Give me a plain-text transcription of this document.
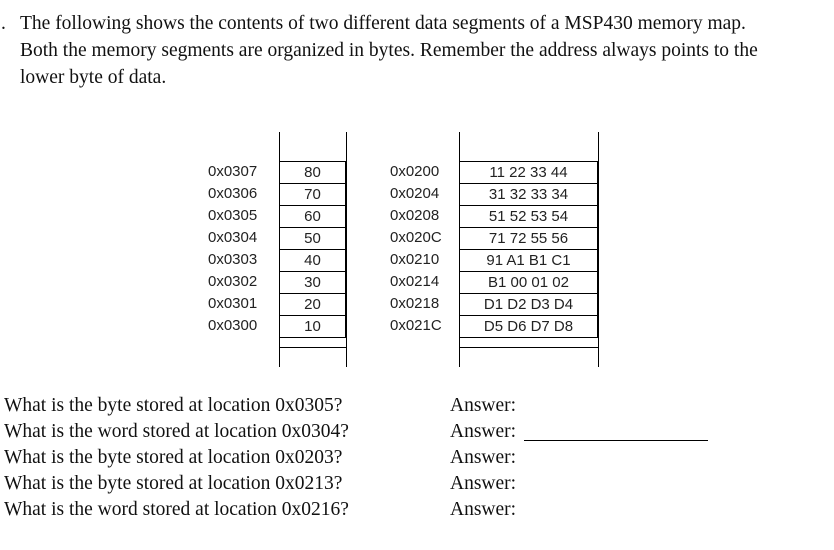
. The following shows the contents of two different data segments of a MSP430 memory map.
Both the memory segments are organized in bytes. Remember the address always points to the
lower byte of data.
0x0307	80
0x0306	70
0x0305	60
0x0304	50
0x0303	40
0x0302	30
0x0301	20
0x0300	10
0x0200	11 22 33 44
0x0204	31 32 33 34
0x0208	51 52 53 54
0x020C	71 72 55 56
0x0210	91 A1 B1 C1
0x0214	B1 00 01 02
0x0218	D1 D2 D3 D4
0x021C	D5 D6 D7 D8
What is the byte stored at location 0x0305?
What is the word stored at location 0x0304?
What is the byte stored at location 0x0203?
What is the byte stored at location 0x0213?
What is the word stored at location 0x0216?
Answer:
Answer:
Answer:
Answer:
Answer:
